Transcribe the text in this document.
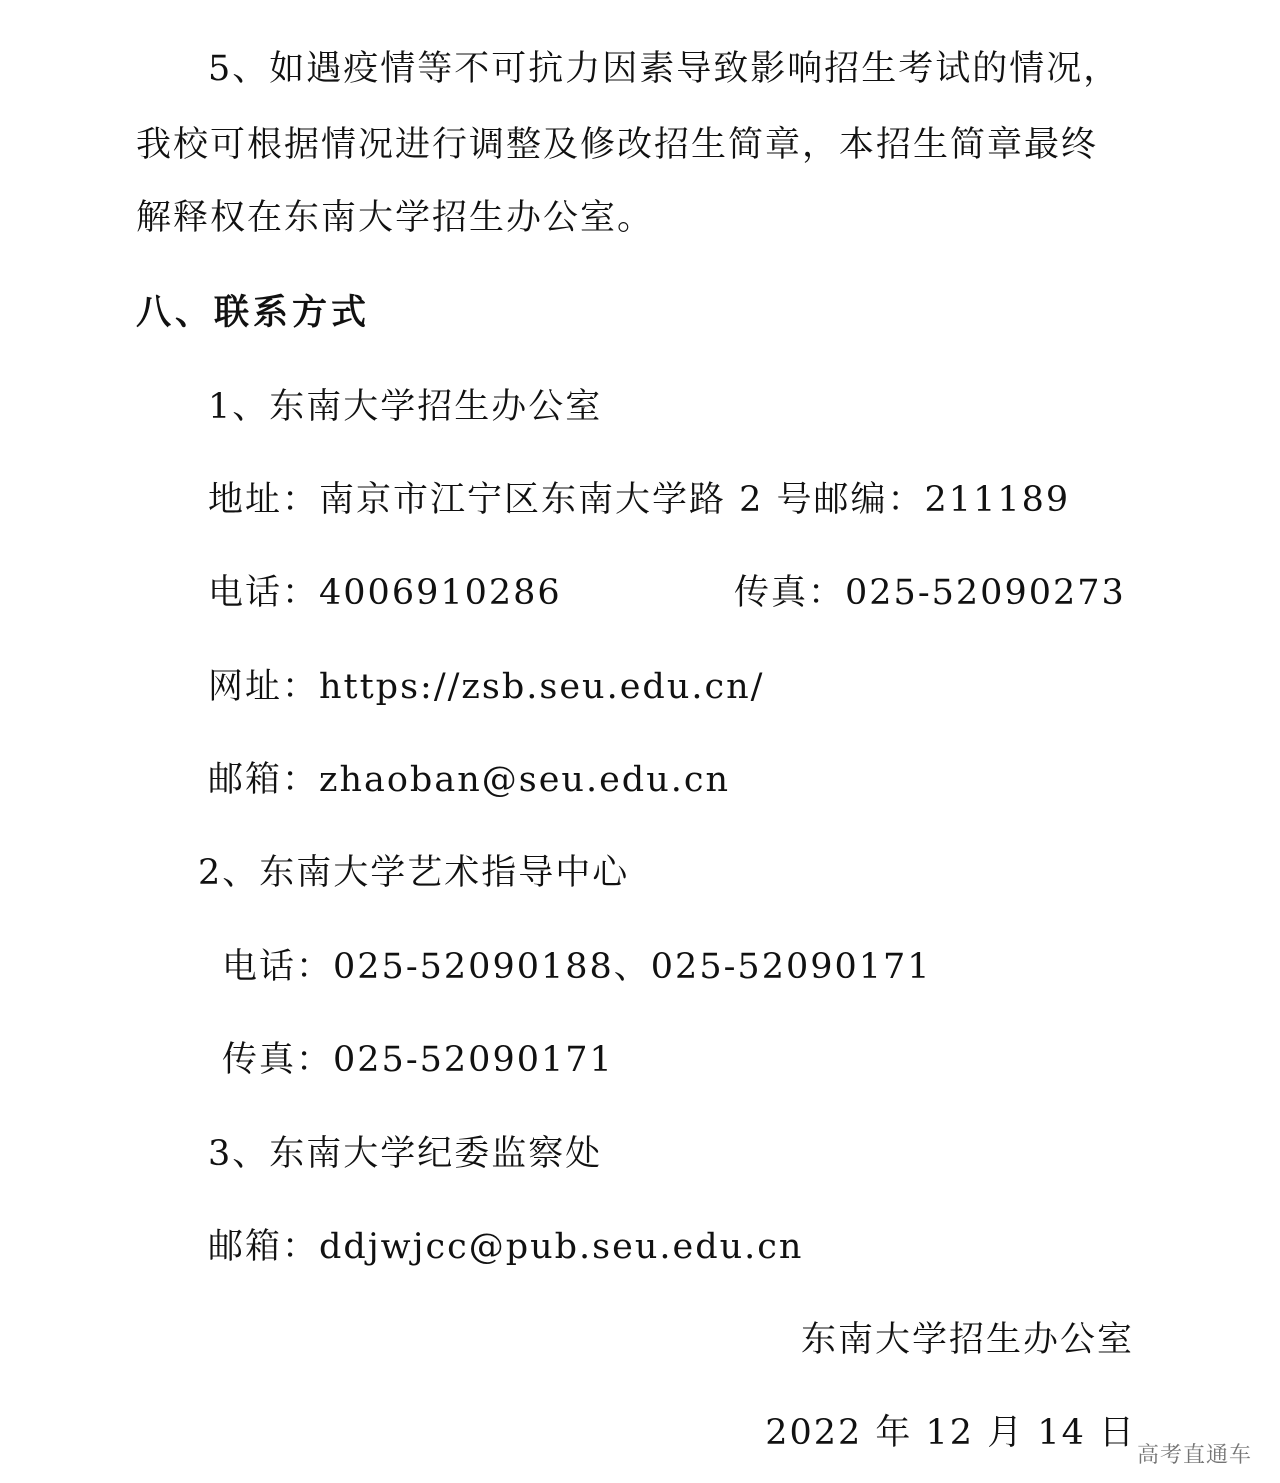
5、如遇疫情等不可抗力因素导致影响招生考试的情况，
我校可根据情况进行调整及修改招生简章，本招生简章最终
解释权在东南大学招生办公室。
八、联系方式
1、东南大学招生办公室
地址：南京市江宁区东南大学路 2 号邮编：211189
电话：4006910286	传真：025-52090273
网址：https://zsb.seu.edu.cn/
邮箱：zhaoban@seu.edu.cn
2、东南大学艺术指导中心
电话：025-52090188、025-52090171
传真：025-52090171
3、东南大学纪委监察处
邮箱：ddjwjcc@pub.seu.edu.cn
东南大学招生办公室
2022 年 12 月 14 日
高考直通车
